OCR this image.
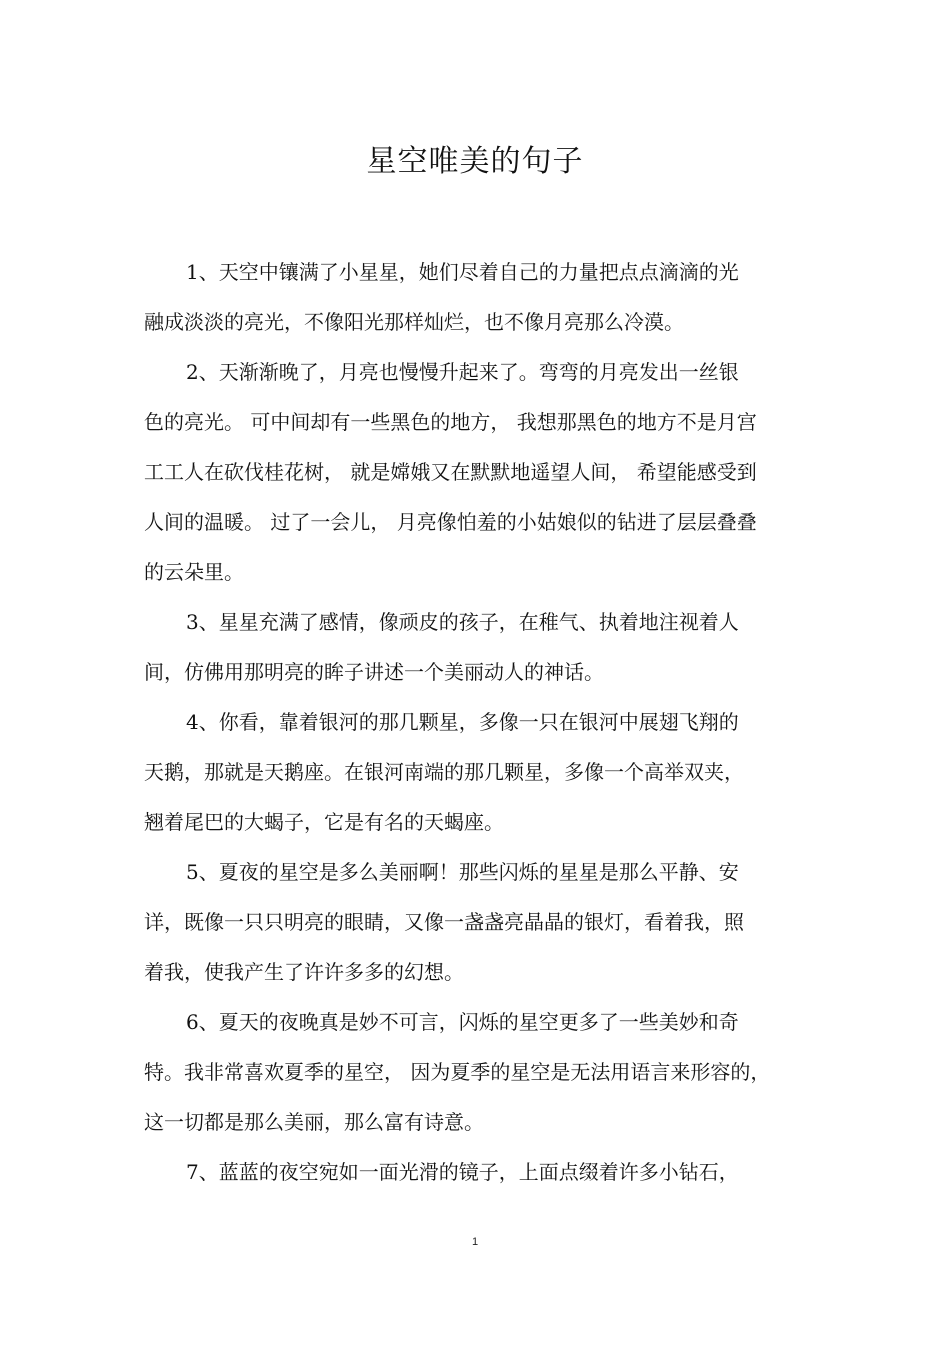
星空唯美的句子
1、天空中镶满了小星星，她们尽着自己的力量把点点滴滴的光
融成淡淡的亮光，不像阳光那样灿烂，也不像月亮那么冷漠。
2、天渐渐晚了，月亮也慢慢升起来了。弯弯的月亮发出一丝银
色的亮光。 可中间却有一些黑色的地方， 我想那黑色的地方不是月宫
工工人在砍伐桂花树， 就是嫦娥又在默默地遥望人间， 希望能感受到
人间的温暖。 过了一会儿， 月亮像怕羞的小姑娘似的钻进了层层叠叠
的云朵里。
3、星星充满了感情，像顽皮的孩子，在稚气、执着地注视着人
间，仿佛用那明亮的眸子讲述一个美丽动人的神话。
4、你看，靠着银河的那几颗星，多像一只在银河中展翅飞翔的
天鹅，那就是天鹅座。在银河南端的那几颗星，多像一个高举双夹，
翘着尾巴的大蝎子，它是有名的天蝎座。
5、夏夜的星空是多么美丽啊！那些闪烁的星星是那么平静、安
详，既像一只只明亮的眼睛，又像一盏盏亮晶晶的银灯，看着我，照
着我，使我产生了许许多多的幻想。
6、夏天的夜晚真是妙不可言，闪烁的星空更多了一些美妙和奇
特。我非常喜欢夏季的星空， 因为夏季的星空是无法用语言来形容的，
这一切都是那么美丽，那么富有诗意。
7、蓝蓝的夜空宛如一面光滑的镜子，上面点缀着许多小钻石，
1
